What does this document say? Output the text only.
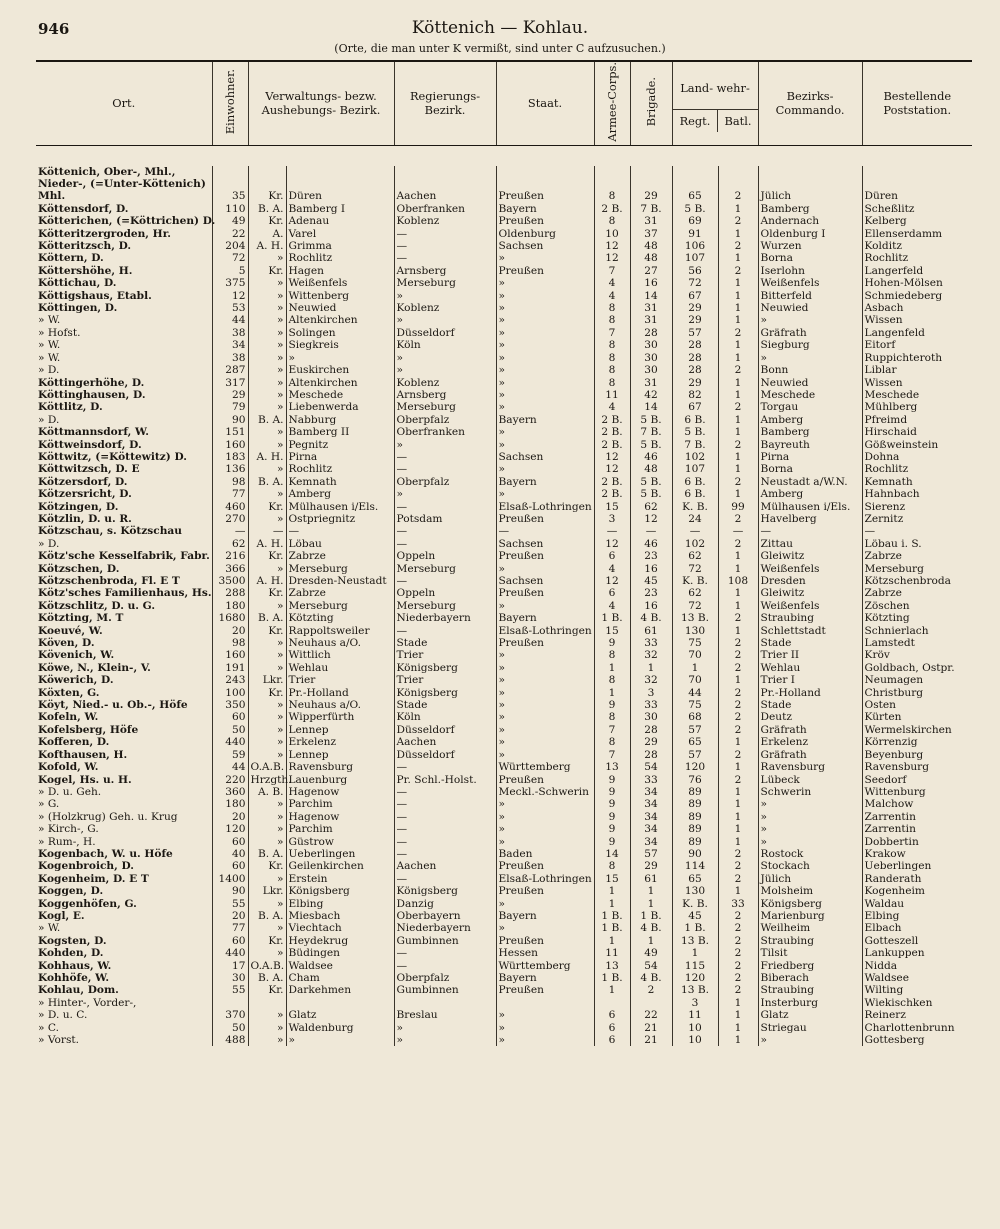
946	Köttenich — Kohlau.
(Orte, die man unter K vermißt, sind unter C aufzusuchen.)
Ort.	Einwohner.	Verwaltungs- bezw. Aushebungs- Bezirk.		Regierungs- Bezirk.	Staat.	Armee-Corps.	Brigade.	Land- wehr-
Regt. Batl.		Bezirks- Commando.	Bestellende Poststation.

Köttenich, Ober-, Mhl.,											
Nieder-, (=Unter-Köttenich)											
Mhl.	35	Kr.	Düren	Aachen	Preußen	8	29	65	2	Jülich	Düren
Köttensdorf, D.	110	B. A.	Bamberg I	Oberfranken	Bayern	2 B.	7 B.	5 B.	1	Bamberg	Scheßlitz
Kötterichen, (=Köttrichen) D.	49	Kr.	Adenau	Koblenz	Preußen	8	31	69	2	Andernach	Kelberg
Kötteritzergroden, Hr.	22	A.	Varel	—	Oldenburg	10	37	91	1	Oldenburg I	Ellenserdamm
Kötteritzsch, D.	204	A. H.	Grimma	—	Sachsen	12	48	106	2	Wurzen	Kolditz
Köttern, D.	72	»	Rochlitz	—	»	12	48	107	1	Borna	Rochlitz
Köttershöhe, H.	5	Kr.	Hagen	Arnsberg	Preußen	7	27	56	2	Iserlohn	Langerfeld
Köttichau, D.	375	»	Weißenfels	Merseburg	»	4	16	72	1	Weißenfels	Hohen-Mölsen
Köttigshaus, Etabl.	12	»	Wittenberg	»	»	4	14	67	1	Bitterfeld	Schmiedeberg
Köttingen, D.	53	»	Neuwied	Koblenz	»	8	31	29	1	Neuwied	Asbach
» W.	44	»	Altenkirchen	»	»	8	31	29	1	»	Wissen
» Hofst.	38	»	Solingen	Düsseldorf	»	7	28	57	2	Gräfrath	Langenfeld
» W.	34	»	Siegkreis	Köln	»	8	30	28	1	Siegburg	Eitorf
» W.	38	»	»	»	»	8	30	28	1	»	Ruppichteroth
» D.	287	»	Euskirchen	»	»	8	30	28	2	Bonn	Liblar
Köttingerhöhe, D.	317	»	Altenkirchen	Koblenz	»	8	31	29	1	Neuwied	Wissen
Köttinghausen, D.	29	»	Meschede	Arnsberg	»	11	42	82	1	Meschede	Meschede
Köttlitz, D.	79	»	Liebenwerda	Merseburg	»	4	14	67	2	Torgau	Mühlberg
» D.	90	B. A.	Nabburg	Oberpfalz	Bayern	2 B.	5 B.	6 B.	1	Amberg	Pfreimd
Köttmannsdorf, W.	151	»	Bamberg II	Oberfranken	»	2 B.	7 B.	5 B.	1	Bamberg	Hirschaid
Köttweinsdorf, D.	160	»	Pegnitz	»	»	2 B.	5 B.	7 B.	2	Bayreuth	Gößweinstein
Köttwitz, (=Köttewitz) D.	183	A. H.	Pirna	—	Sachsen	12	46	102	1	Pirna	Dohna
Köttwitzsch, D. E	136	»	Rochlitz	—	»	12	48	107	1	Borna	Rochlitz
Kötzersdorf, D.	98	B. A.	Kemnath	Oberpfalz	Bayern	2 B.	5 B.	6 B.	2	Neustadt a/W.N.	Kemnath
Kötzersricht, D.	77	»	Amberg	»	»	2 B.	5 B.	6 B.	1	Amberg	Hahnbach
Kötzingen, D.	460	Kr.	Mülhausen i/Els.	—	Elsaß-Lothringen	15	62	K. B.	99	Mülhausen i/Els.	Sierenz
Kötzlin, D. u. R.	270	»	Ostpriegnitz	Potsdam	Preußen	3	12	24	2	Havelberg	Zernitz
Kötzschau, s. Kötzschau	—	—	—	—	—	—	—	—	—	—	—
» D.	62	A. H.	Löbau	—	Sachsen	12	46	102	2	Zittau	Löbau i. S.
Kötz'sche Kesselfabrik, Fabr.	216	Kr.	Zabrze	Oppeln	Preußen	6	23	62	1	Gleiwitz	Zabrze
Kötzschen, D.	366	»	Merseburg	Merseburg	»	4	16	72	1	Weißenfels	Merseburg
Kötzschenbroda, Fl. E T	3500	A. H.	Dresden-Neustadt	—	Sachsen	12	45	K. B.	108	Dresden	Kötzschenbroda
Kötz'sches Familienhaus, Hs.	288	Kr.	Zabrze	Oppeln	Preußen	6	23	62	1	Gleiwitz	Zabrze
Kötzschlitz, D. u. G.	180	»	Merseburg	Merseburg	»	4	16	72	1	Weißenfels	Zöschen
Kötzting, M. T	1680	B. A.	Kötzting	Niederbayern	Bayern	1 B.	4 B.	13 B.	2	Straubing	Kötzting
Koeuvé, W.	20	Kr.	Rappoltsweiler	—	Elsaß-Lothringen	15	61	130	1	Schlettstadt	Schnierlach
Köven, D.	98	»	Neuhaus a/O.	Stade	Preußen	9	33	75	2	Stade	Lamstedt
Kövenich, W.	160	»	Wittlich	Trier	»	8	32	70	2	Trier II	Kröv
Köwe, N., Klein-, V.	191	»	Wehlau	Königsberg	»	1	1	1	2	Wehlau	Goldbach, Ostpr.
Köwerich, D.	243	Lkr.	Trier	Trier	»	8	32	70	1	Trier I	Neumagen
Köxten, G.	100	Kr.	Pr.-Holland	Königsberg	»	1	3	44	2	Pr.-Holland	Christburg
Köyt, Nied.- u. Ob.-, Höfe	350	»	Neuhaus a/O.	Stade	»	9	33	75	2	Stade	Osten
Kofeln, W.	60	»	Wipperfürth	Köln	»	8	30	68	2	Deutz	Kürten
Kofelsberg, Höfe	50	»	Lennep	Düsseldorf	»	7	28	57	2	Gräfrath	Wermelskirchen
Kofferen, D.	440	»	Erkelenz	Aachen	»	8	29	65	1	Erkelenz	Körrenzig
Kofthausen, H.	59	»	Lennep	Düsseldorf	»	7	28	57	2	Gräfrath	Beyenburg
Kofold, W.	44	O.A.B.	Ravensburg	—	Württemberg	13	54	120	1	Ravensburg	Ravensburg
Kogel, Hs. u. H.	220	Hrzgth.	Lauenburg	Pr. Schl.-Holst.	Preußen	9	33	76	2	Lübeck	Seedorf
» D. u. Geh.	360	A. B.	Hagenow	—	Meckl.-Schwerin	9	34	89	1	Schwerin	Wittenburg
» G.	180	»	Parchim	—	»	9	34	89	1	»	Malchow
» (Holzkrug) Geh. u. Krug	20	»	Hagenow	—	»	9	34	89	1	»	Zarrentin
» Kirch-, G.	120	»	Parchim	—	»	9	34	89	1	»	Zarrentin
» Rum-, H.	60	»	Güstrow	—	»	9	34	89	1	»	Dobbertin
Kogenbach, W. u. Höfe	40	B. A.	Ueberlingen	—	Baden	14	57	90	2	Rostock	Krakow
Kogenbroich, D.	60	Kr.	Geilenkirchen	Aachen	Preußen	8	29	114	2	Stockach	Ueberlingen
Kogenheim, D. E T	1400	»	Erstein	—	Elsaß-Lothringen	15	61	65	2	Jülich	Randerath
Koggen, D.	90	Lkr.	Königsberg	Königsberg	Preußen	1	1	130	1	Molsheim	Kogenheim
Koggenhöfen, G.	55	»	Elbing	Danzig	»	1	1	K. B.	33	Königsberg	Waldau
Kogl, E.	20	B. A.	Miesbach	Oberbayern	Bayern	1 B.	1 B.	45	2	Marienburg	Elbing
» W.	77	»	Viechtach	Niederbayern	»	1 B.	4 B.	1 B.	2	Weilheim	Elbach
Kogsten, D.	60	Kr.	Heydekrug	Gumbinnen	Preußen	1	1	13 B.	2	Straubing	Gotteszell
Kohden, D.	440	»	Büdingen	—	Hessen	11	49	1	2	Tilsit	Lankuppen
Kohhaus, W.	17	O.A.B.	Waldsee	—	Württemberg	13	54	115	2	Friedberg	Nidda
Kohhöfe, W.	30	B. A.	Cham	Oberpfalz	Bayern	1 B.	4 B.	120	2	Biberach	Waldsee
Kohlau, Dom.	55	Kr.	Darkehmen	Gumbinnen	Preußen	1	2	13 B.	2	Straubing	Wilting
» Hinter-, Vorder-,								3	1	Insterburg	Wiekischken
» D. u. C.	370	»	Glatz	Breslau	»	6	22	11	1	Glatz	Reinerz
» C.	50	»	Waldenburg	»	»	6	21	10	1	Striegau	Charlottenbrunn
» Vorst.	488	»	»	»	»	6	21	10	1	»	Gottesberg
